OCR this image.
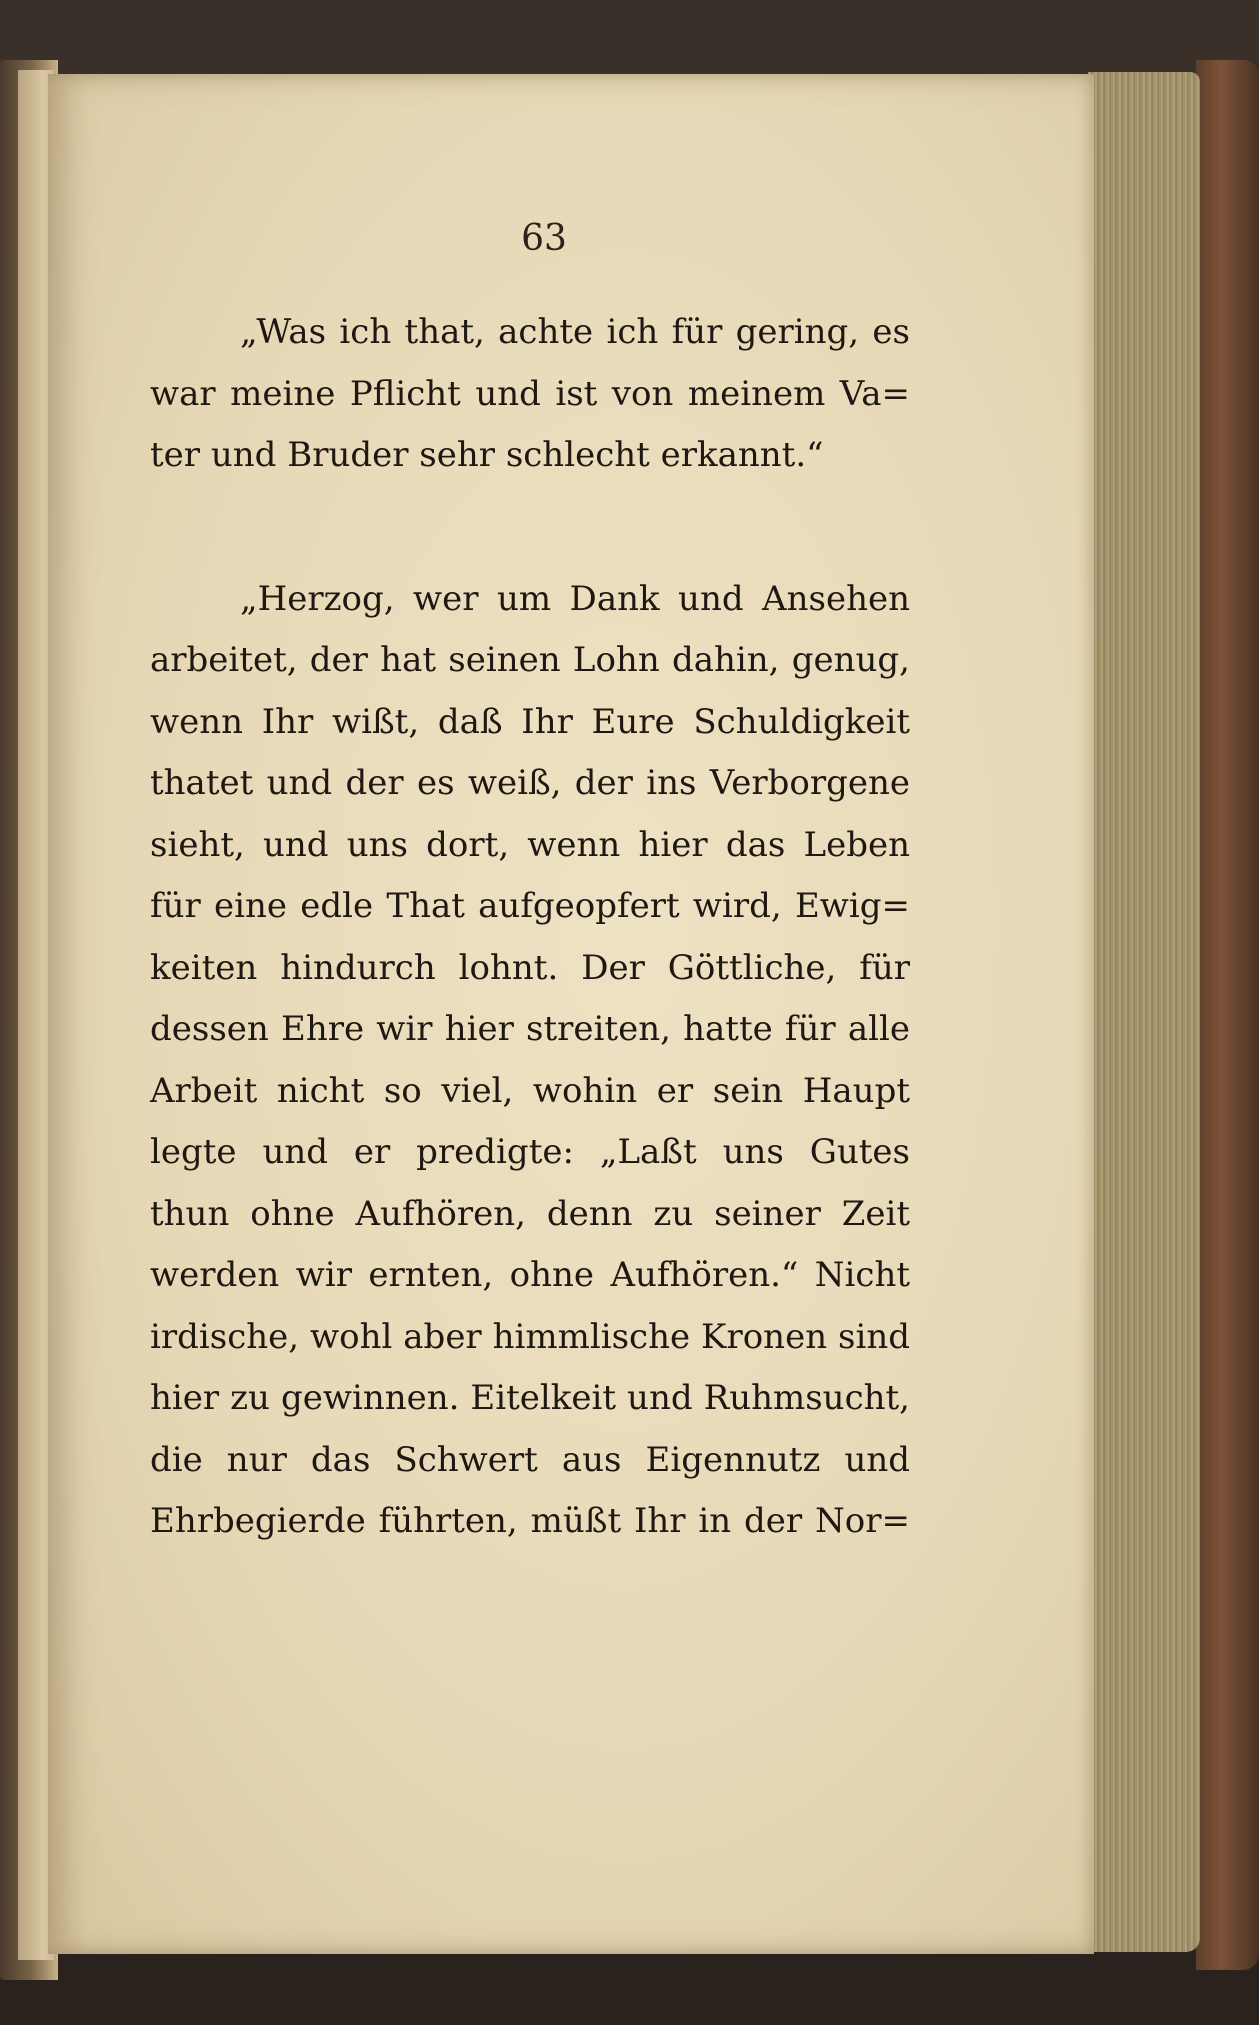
63
„Was ich that, achte ich für gering, es
war meine Pflicht und ist von meinem Va=
ter und Bruder sehr schlecht erkannt.“
„Herzog, wer um Dank und Ansehen
arbeitet, der hat seinen Lohn dahin, genug,
wenn Ihr wißt, daß Ihr Eure Schuldigkeit
thatet und der es weiß, der ins Verborgene
sieht, und uns dort, wenn hier das Leben
für eine edle That aufgeopfert wird, Ewig=
keiten hindurch lohnt. Der Göttliche, für
dessen Ehre wir hier streiten, hatte für alle
Arbeit nicht so viel, wohin er sein Haupt
legte und er predigte: „Laßt uns Gutes
thun ohne Aufhören, denn zu seiner Zeit
werden wir ernten, ohne Aufhören.“ Nicht
irdische, wohl aber himmlische Kronen sind
hier zu gewinnen. Eitelkeit und Ruhmsucht,
die nur das Schwert aus Eigennutz und
Ehrbegierde führten, müßt Ihr in der Nor=
